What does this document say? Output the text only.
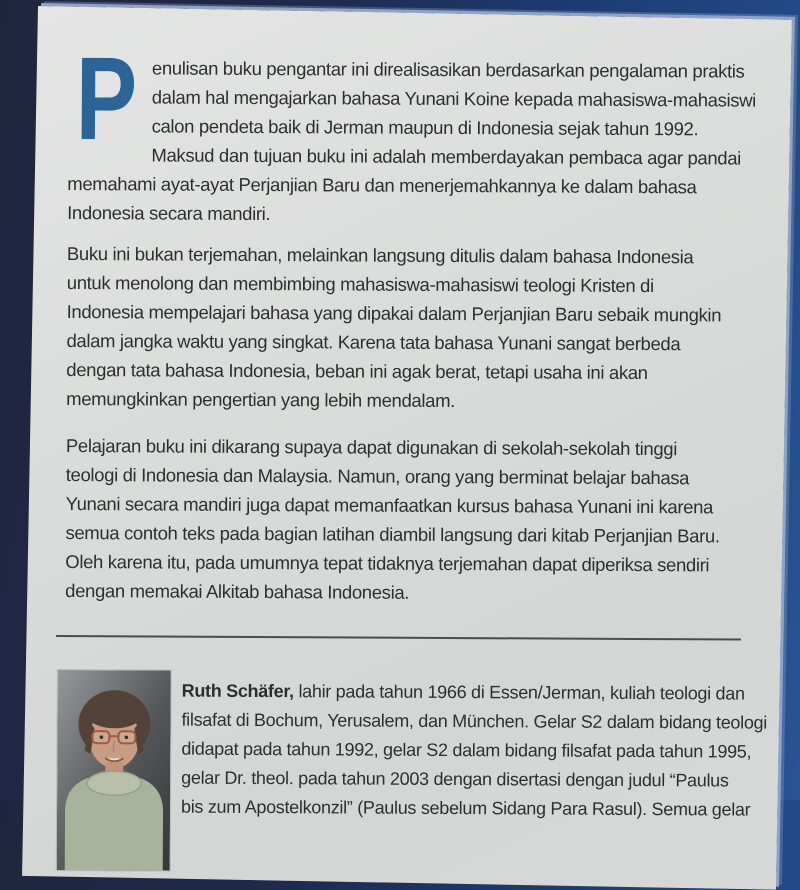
P enulisan buku pengantar ini direalisasikan berdasarkan pengalaman praktis
dalam hal mengajarkan bahasa Yunani Koine kepada mahasiswa-mahasiswi
calon pendeta baik di Jerman maupun di Indonesia sejak tahun 1992.
Maksud dan tujuan buku ini adalah memberdayakan pembaca agar pandai
memahami ayat-ayat Perjanjian Baru dan menerjemahkannya ke dalam bahasa
Indonesia secara mandiri.
Buku ini bukan terjemahan, melainkan langsung ditulis dalam bahasa Indonesia
untuk menolong dan membimbing mahasiswa-mahasiswi teologi Kristen di
Indonesia mempelajari bahasa yang dipakai dalam Perjanjian Baru sebaik mungkin
dalam jangka waktu yang singkat. Karena tata bahasa Yunani sangat berbeda
dengan tata bahasa Indonesia, beban ini agak berat, tetapi usaha ini akan
memungkinkan pengertian yang lebih mendalam.
Pelajaran buku ini dikarang supaya dapat digunakan di sekolah-sekolah tinggi
teologi di Indonesia dan Malaysia. Namun, orang yang berminat belajar bahasa
Yunani secara mandiri juga dapat memanfaatkan kursus bahasa Yunani ini karena
semua contoh teks pada bagian latihan diambil langsung dari kitab Perjanjian Baru.
Oleh karena itu, pada umumnya tepat tidaknya terjemahan dapat diperiksa sendiri
dengan memakai Alkitab bahasa Indonesia.
Ruth Schäfer, lahir pada tahun 1966 di Essen/Jerman, kuliah teologi dan
filsafat di Bochum, Yerusalem, dan München. Gelar S2 dalam bidang teologi
didapat pada tahun 1992, gelar S2 dalam bidang filsafat pada tahun 1995,
gelar Dr. theol. pada tahun 2003 dengan disertasi dengan judul “Paulus
bis zum Apostelkonzil” (Paulus sebelum Sidang Para Rasul). Semua gelar
